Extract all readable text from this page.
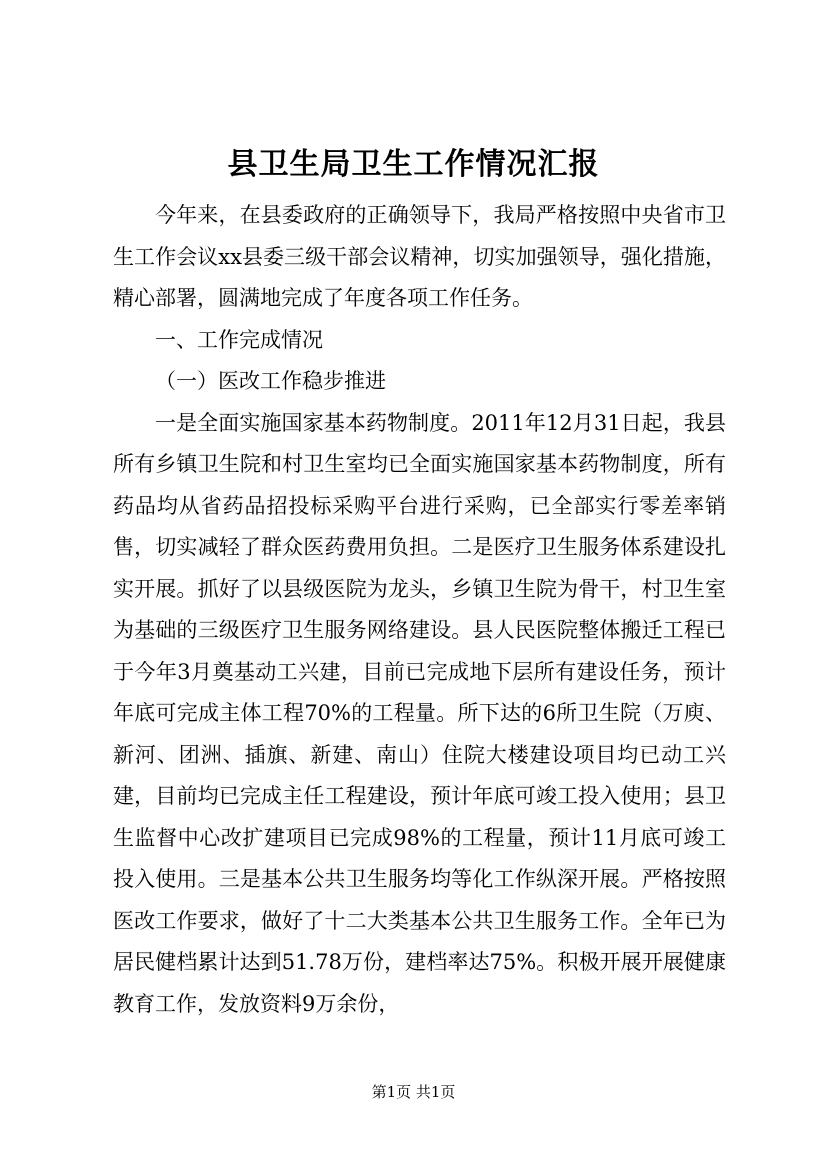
县卫生局卫生工作情况汇报

今年来，在县委政府的正确领导下，我局严格按照中央省市卫生工作会议xx县委三级干部会议精神，切实加强领导，强化措施，精心部署，圆满地完成了年度各项工作任务。

一、工作完成情况

（一）医改工作稳步推进

一是全面实施国家基本药物制度。2011年12月31日起，我县所有乡镇卫生院和村卫生室均已全面实施国家基本药物制度，所有药品均从省药品招投标采购平台进行采购，已全部实行零差率销售，切实减轻了群众医药费用负担。二是医疗卫生服务体系建设扎实开展。抓好了以县级医院为龙头，乡镇卫生院为骨干，村卫生室为基础的三级医疗卫生服务网络建设。县人民医院整体搬迁工程已于今年3月奠基动工兴建，目前已完成地下层所有建设任务，预计年底可完成主体工程70%的工程量。所下达的6所卫生院（万庾、新河、团洲、插旗、新建、南山）住院大楼建设项目均已动工兴建，目前均已完成主任工程建设，预计年底可竣工投入使用；县卫生监督中心改扩建项目已完成98%的工程量，预计11月底可竣工投入使用。三是基本公共卫生服务均等化工作纵深开展。严格按照医改工作要求，做好了十二大类基本公共卫生服务工作。全年已为居民健档累计达到51.78万份，建档率达75%。积极开展开展健康教育工作，发放资料9万余份，

第1页 共1页
